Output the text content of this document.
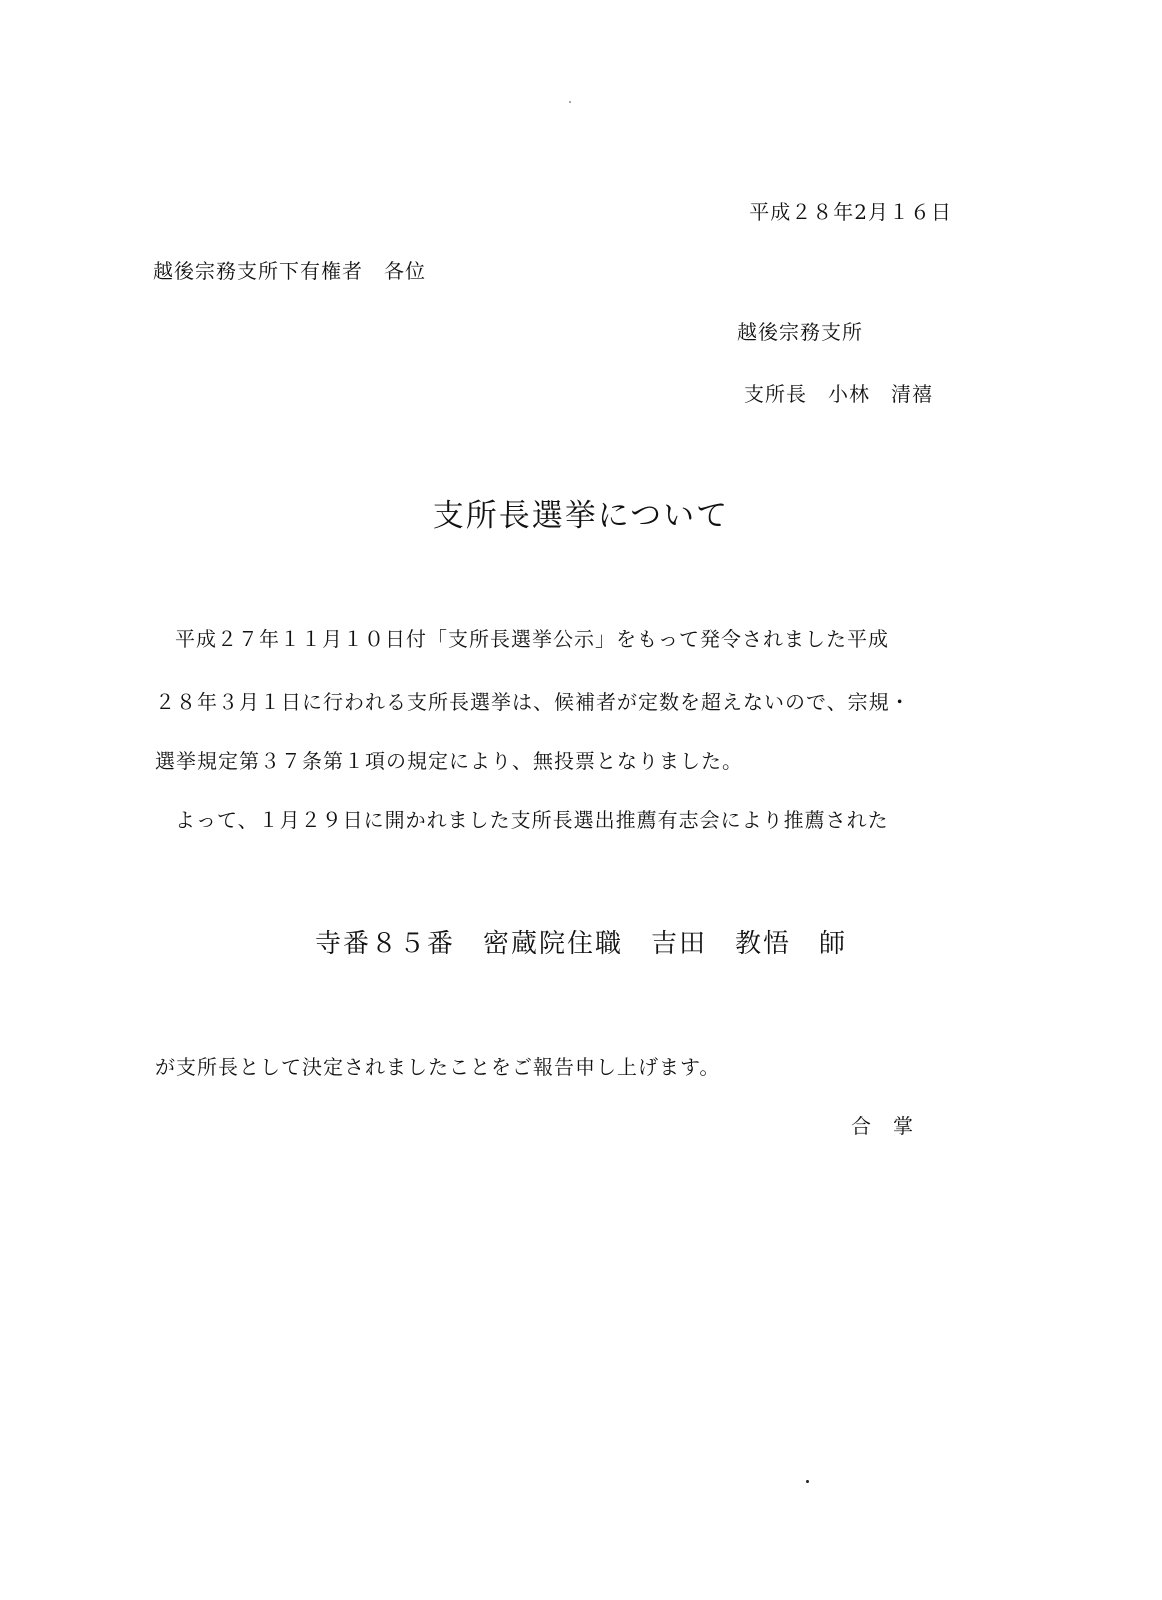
平成２８年2月１６日
越後宗務支所下有権者　各位
越後宗務支所
支所長　小林　清禧
支所長選挙について
平成２７年１１月１０日付「支所長選挙公示」をもって発令されました平成
２８年３月１日に行われる支所長選挙は、候補者が定数を超えないので、宗規・
選挙規定第３７条第１項の規定により、無投票となりました。
よって、１月２９日に開かれました支所長選出推薦有志会により推薦された
寺番８５番　密蔵院住職　吉田　教悟　師
が支所長として決定されましたことをご報告申し上げます。
合　掌
